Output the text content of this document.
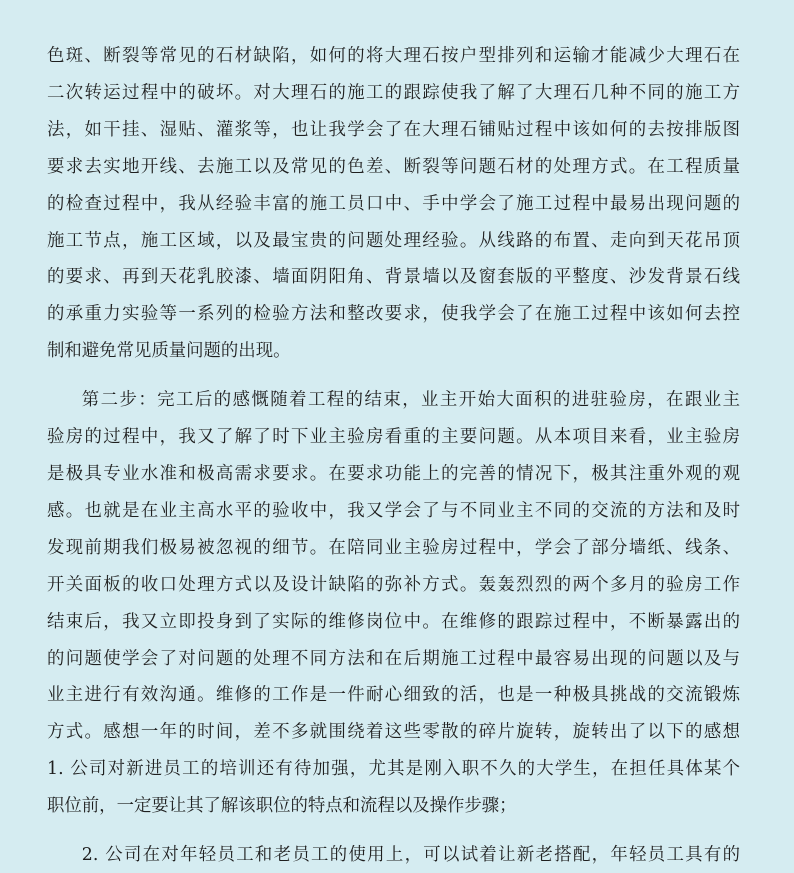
色斑、断裂等常见的石材缺陷，如何的将大理石按户型排列和运输才能减少大理石在
二次转运过程中的破坏。对大理石的施工的跟踪使我了解了大理石几种不同的施工方
法，如干挂、湿贴、灌浆等，也让我学会了在大理石铺贴过程中该如何的去按排版图
要求去实地开线、去施工以及常见的色差、断裂等问题石材的处理方式。在工程质量
的检查过程中，我从经验丰富的施工员口中、手中学会了施工过程中最易出现问题的
施工节点，施工区域，以及最宝贵的问题处理经验。从线路的布置、走向到天花吊顶
的要求、再到天花乳胶漆、墙面阴阳角、背景墙以及窗套版的平整度、沙发背景石线
的承重力实验等一系列的检验方法和整改要求，使我学会了在施工过程中该如何去控
制和避免常见质量问题的出现。

第二步：完工后的感慨随着工程的结束，业主开始大面积的进驻验房，在跟业主
验房的过程中，我又了解了时下业主验房看重的主要问题。从本项目来看，业主验房
是极具专业水准和极高需求要求。在要求功能上的完善的情况下，极其注重外观的观
感。也就是在业主高水平的验收中，我又学会了与不同业主不同的交流的方法和及时
发现前期我们极易被忽视的细节。在陪同业主验房过程中，学会了部分墙纸、线条、
开关面板的收口处理方式以及设计缺陷的弥补方式。轰轰烈烈的两个多月的验房工作
结束后，我又立即投身到了实际的维修岗位中。在维修的跟踪过程中，不断暴露出的
的问题使学会了对问题的处理不同方法和在后期施工过程中最容易出现的问题以及与
业主进行有效沟通。维修的工作是一件耐心细致的活，也是一种极具挑战的交流锻炼
方式。感想一年的时间，差不多就围绕着这些零散的碎片旋转，旋转出了以下的感想
1. 公司对新进员工的培训还有待加强，尤其是刚入职不久的大学生，在担任具体某个
职位前，一定要让其了解该职位的特点和流程以及操作步骤；

2. 公司在对年轻员工和老员工的使用上，可以试着让新老搭配，年轻员工具有的
